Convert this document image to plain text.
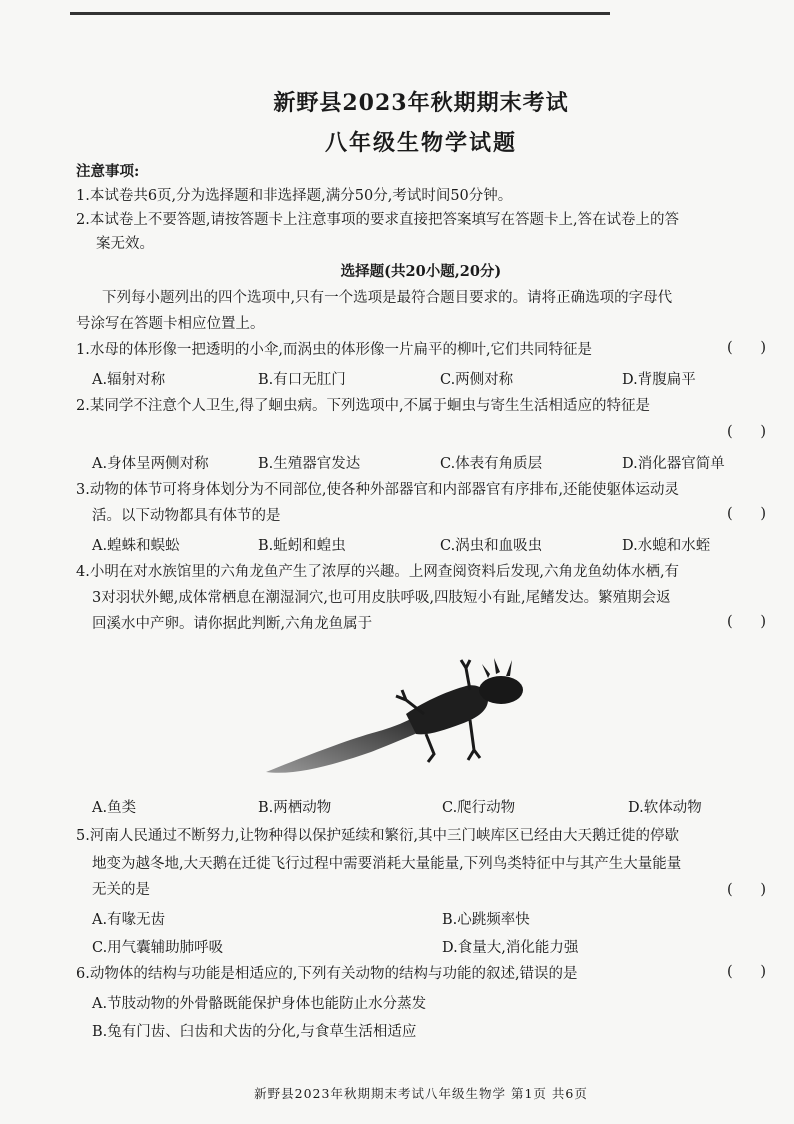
新野县2023年秋期期末考试
八年级生物学试题
注意事项:
1.本试卷共6页,分为选择题和非选择题,满分50分,考试时间50分钟。
2.本试卷上不要答题,请按答题卡上注意事项的要求直接把答案填写在答题卡上,答在试卷上的答
案无效。
选择题(共20小题,20分)
下列每小题列出的四个选项中,只有一个选项是最符合题目要求的。请将正确选项的字母代
号涂写在答题卡相应位置上。
1.水母的体形像一把透明的小伞,而涡虫的体形像一片扁平的柳叶,它们共同特征是	(      )
A.辐射对称	B.有口无肛门	C.两侧对称	D.背腹扁平
2.某同学不注意个人卫生,得了蛔虫病。下列选项中,不属于蛔虫与寄生生活相适应的特征是
(      )
A.身体呈两侧对称	B.生殖器官发达	C.体表有角质层	D.消化器官简单
3.动物的体节可将身体划分为不同部位,使各种外部器官和内部器官有序排布,还能使躯体运动灵
活。以下动物都具有体节的是	(      )
A.蝗蛛和蜈蚣	B.蚯蚓和蝗虫	C.涡虫和血吸虫	D.水螅和水蛭
4.小明在对水族馆里的六角龙鱼产生了浓厚的兴趣。上网查阅资料后发现,六角龙鱼幼体水栖,有
3对羽状外鳃,成体常栖息在潮湿洞穴,也可用皮肤呼吸,四肢短小有趾,尾鳍发达。繁殖期会返
回溪水中产卵。请你据此判断,六角龙鱼属于	(      )
A.鱼类	B.两栖动物	C.爬行动物	D.软体动物
5.河南人民通过不断努力,让物种得以保护延续和繁衍,其中三门峡库区已经由大天鹅迁徙的停歇
地变为越冬地,大天鹅在迁徙飞行过程中需要消耗大量能量,下列鸟类特征中与其产生大量能量
无关的是	(      )
A.有喙无齿	B.心跳频率快
C.用气囊辅助肺呼吸	D.食量大,消化能力强
6.动物体的结构与功能是相适应的,下列有关动物的结构与功能的叙述,错误的是	(      )
A.节肢动物的外骨骼既能保护身体也能防止水分蒸发
B.兔有门齿、臼齿和犬齿的分化,与食草生活相适应
新野县2023年秋期期末考试八年级生物学 第1页 共6页
